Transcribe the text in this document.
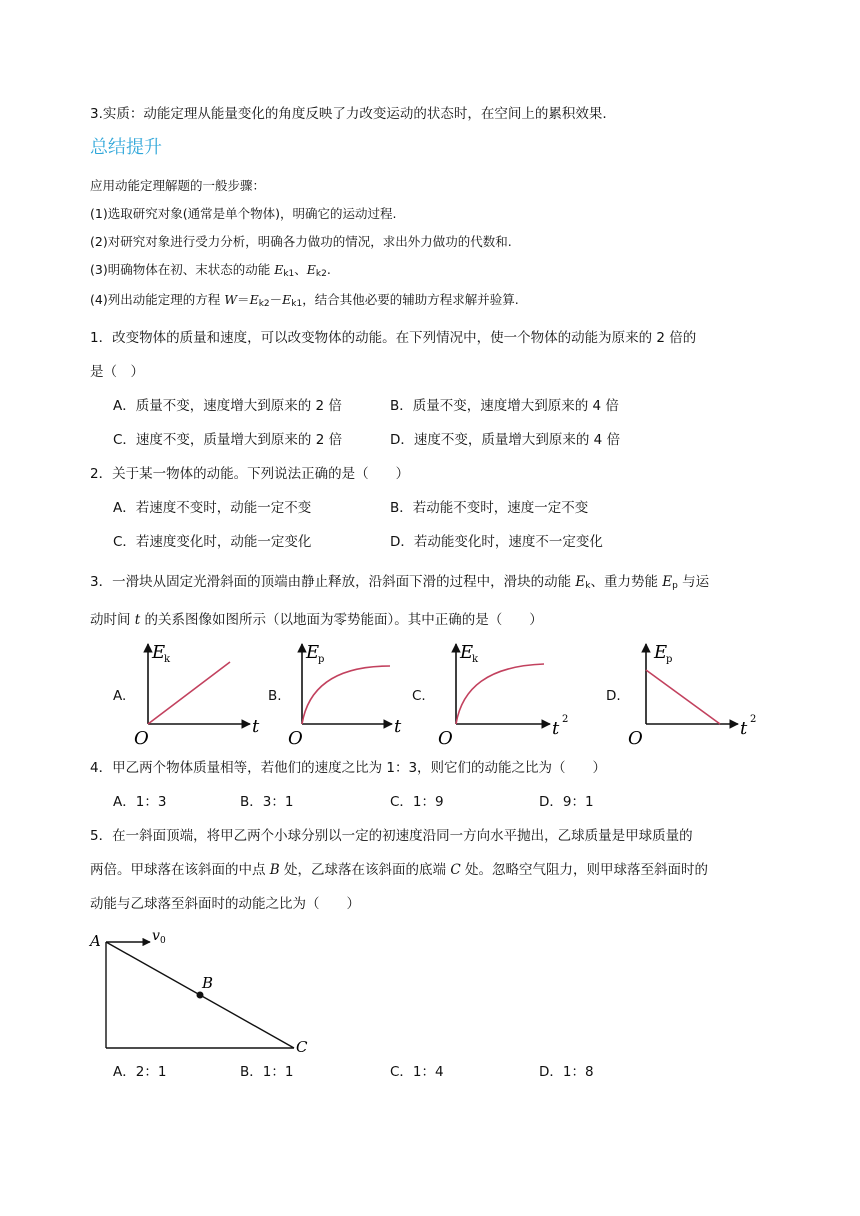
3.实质：动能定理从能量变化的角度反映了力改变运动的状态时，在空间上的累积效果.
总结提升
应用动能定理解题的一般步骤：
(1)选取研究对象(通常是单个物体)，明确它的运动过程.
(2)对研究对象进行受力分析，明确各力做功的情况，求出外力做功的代数和.
(3)明确物体在初、末状态的动能 $E_{k1}$、$E_{k2}$.
(4)列出动能定理的方程 $W=E_{k2}-E_{k1}$，结合其他必要的辅助方程求解并验算.
1．改变物体的质量和速度，可以改变物体的动能。在下列情况中，使一个物体的动能为原来的 2 倍的
是（　）
A．质量不变，速度增大到原来的 2 倍	B．质量不变，速度增大到原来的 4 倍
C．速度不变，质量增大到原来的 2 倍	D．速度不变，质量增大到原来的 4 倍
2．关于某一物体的动能。下列说法正确的是（　　）
A．若速度不变时，动能一定不变	B．若动能不变时，速度一定不变
C．若速度变化时，动能一定变化	D．若动能变化时，速度不一定变化
3．一滑块从固定光滑斜面的顶端由静止释放，沿斜面下滑的过程中，滑块的动能 $E_k$、重力势能 $E_p$ 与运
动时间 t 的关系图像如图所示（以地面为零势能面）。其中正确的是（　　）
A.
E
k
t
O
B.
E
p
t
O
C.
E
k
t 2
O
D.
E
p
t 2
O
4．甲乙两个物体质量相等，若他们的速度之比为 1：3，则它们的动能之比为（　　）
A．1：3	B．3：1	C．1：9	D．9：1
5．在一斜面顶端，将甲乙两个小球分别以一定的初速度沿同一方向水平抛出，乙球质量是甲球质量的
两倍。甲球落在该斜面的中点 B 处，乙球落在该斜面的底端 C 处。忽略空气阻力，则甲球落至斜面时的
动能与乙球落至斜面时的动能之比为（　　）
A
B
C
v 0
A．2：1	B．1：1	C．1：4	D．1：8
